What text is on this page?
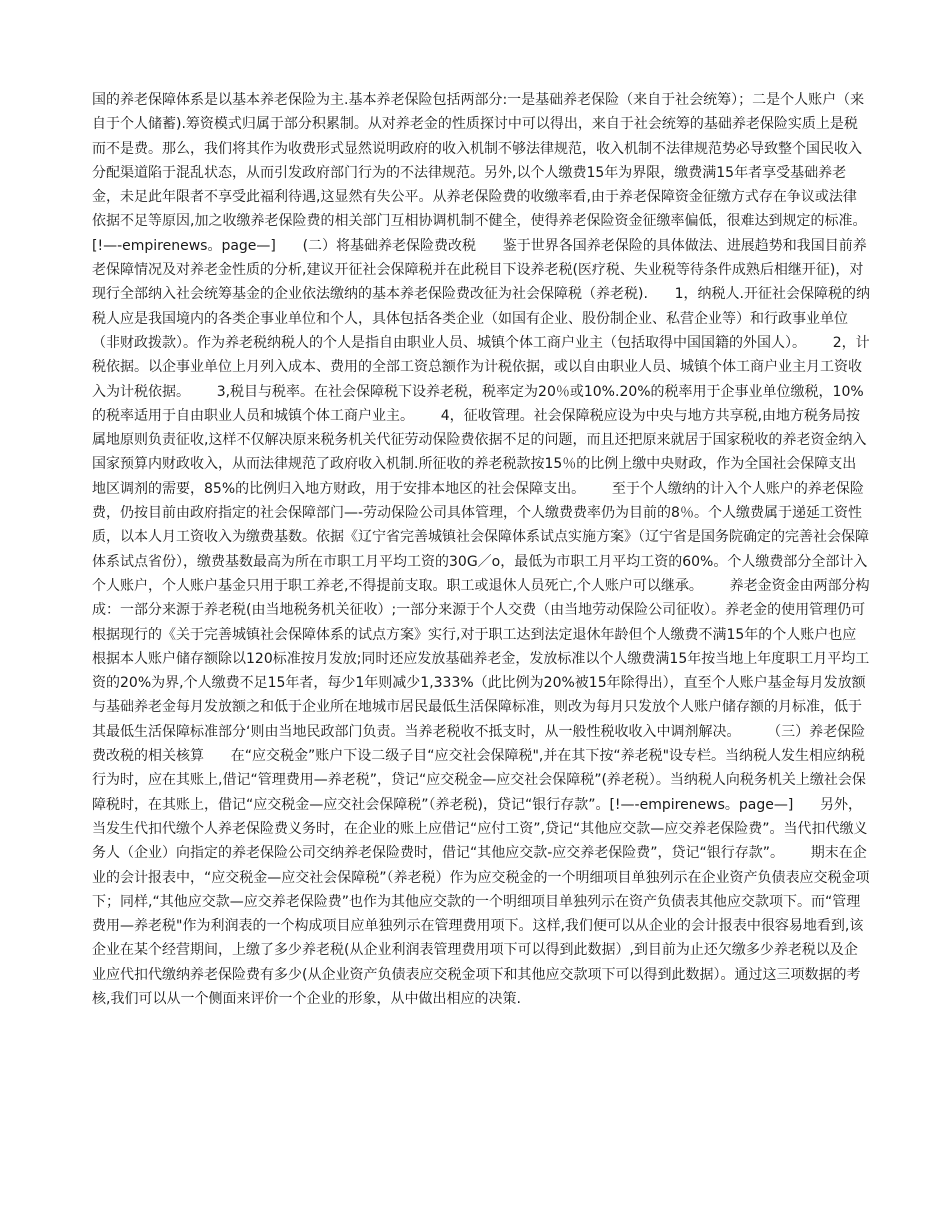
国的养老保障体系是以基本养老保险为主.基本养老保险包括两部分:一是基础养老保险（来自于社会统筹）；二是个人账户（来自于个人储蓄).筹资模式归属于部分积累制。从对养老金的性质探讨中可以得出，来自于社会统筹的基础养老保险实质上是税而不是费。那么，我们将其作为收费形式显然说明政府的收入机制不够法律规范，收入机制不法律规范势必导致整个国民收入分配渠道陷于混乱状态，从而引发政府部门行为的不法律规范。另外,以个人缴费15年为界限，缴费满15年者享受基础养老金，未足此年限者不享受此福利待遇,这显然有失公平。从养老保险费的收缴率看,由于养老保障资金征缴方式存在争议或法律依据不足等原因,加之收缴养老保险费的相关部门互相协调机制不健全，使得养老保险资金征缴率偏低，很难达到规定的标准。[!—-empirenews。page—]      (二）将基础养老保险费改税      鉴于世界各国养老保险的具体做法、进展趋势和我国目前养老保障情况及对养老金性质的分析,建议开征社会保障税并在此税目下设养老税(医疗税、失业税等待条件成熟后相继开征)，对现行全部纳入社会统筹基金的企业依法缴纳的基本养老保险费改征为社会保障税（养老税).      1，纳税人.开征社会保障税的纳税人应是我国境内的各类企事业单位和个人，具体包括各类企业（如国有企业、股份制企业、私营企业等）和行政事业单位（非财政拨款）。作为养老税纳税人的个人是指自由职业人员、城镇个体工商户业主（包括取得中国国籍的外国人）。      2，计税依据。以企事业单位上月列入成本、费用的全部工资总额作为计税依据，或以自由职业人员、城镇个体工商户业主月工资收入为计税依据。      3,税目与税率。在社会保障税下设养老税，税率定为20％或10%.20%的税率用于企事业单位缴税，10%的税率适用于自由职业人员和城镇个体工商户业主。      4，征收管理。社会保障税应设为中央与地方共享税,由地方税务局按属地原则负责征收,这样不仅解决原来税务机关代征劳动保险费依据不足的问题，而且还把原来就居于国家税收的养老资金纳入国家预算内财政收入，从而法律规范了政府收入机制.所征收的养老税款按15％的比例上缴中央财政，作为全国社会保障支出地区调剂的需要，85%的比例归入地方财政，用于安排本地区的社会保障支出。      至于个人缴纳的计入个人账户的养老保险费，仍按目前由政府指定的社会保障部门—-劳动保险公司具体管理，个人缴费费率仍为目前的8％。个人缴费属于递延工资性质，以本人月工资收入为缴费基数。依据《辽宁省完善城镇社会保障体系试点实施方案》（辽宁省是国务院确定的完善社会保障体系试点省份），缴费基数最高为所在市职工月平均工资的30G／o，最低为市职工月平均工资的60%。个人缴费部分全部计入个人账户，个人账户基金只用于职工养老,不得提前支取。职工或退休人员死亡,个人账户可以继承。      养老金资金由两部分构成：一部分来源于养老税(由当地税务机关征收）;一部分来源于个人交费（由当地劳动保险公司征收）。养老金的使用管理仍可根据现行的《关于完善城镇社会保障体系的试点方案》实行,对于职工达到法定退休年龄但个人缴费不满15年的个人账户也应根据本人账户储存额除以120标准按月发放;同时还应发放基础养老金，发放标准以个人缴费满15年按当地上年度职工月平均工资的20%为界,个人缴费不足15年者，每少1年则减少1,333%（此比例为20%被15年除得出），直至个人账户基金每月发放额与基础养老金每月发放额之和低于企业所在地城市居民最低生活保障标准，则改为每月只发放个人账户储存额的月标准，低于其最低生活保障标准部分‘则由当地民政部门负责。当养老税收不抵支时，从一般性税收收入中调剂解决。      （三）养老保险费改税的相关核算      在“应交税金”账户下设二级子目“应交社会保障税",并在其下按“养老税"设专栏。当纳税人发生相应纳税行为时，应在其账上,借记“管理费用—养老税”，贷记“应交税金—应交社会保障税”(养老税）。当纳税人向税务机关上缴社会保障税时，在其账上，借记“应交税金—应交社会保障税”（养老税)，贷记“银行存款”。[!—-empirenews。page—]      另外，当发生代扣代缴个人养老保险费义务时，在企业的账上应借记“应付工资”,贷记“其他应交款—应交养老保险费”。当代扣代缴义务人（企业）向指定的养老保险公司交纳养老保险费时，借记“其他应交款-应交养老保险费”，贷记“银行存款”。      期末在企业的会计报表中，“应交税金—应交社会保障税”（养老税）作为应交税金的一个明细项目单独列示在企业资产负债表应交税金项下；同样,“其他应交款—应交养老保险费”也作为其他应交款的一个明细项目单独列示在资产负债表其他应交款项下。而“管理费用—养老税"作为利润表的一个构成项目应单独列示在管理费用项下。这样,我们便可以从企业的会计报表中很容易地看到,该企业在某个经营期间，上缴了多少养老税(从企业利润表管理费用项下可以得到此数据）,到目前为止还欠缴多少养老税以及企业应代扣代缴纳养老保险费有多少(从企业资产负债表应交税金项下和其他应交款项下可以得到此数据）。通过这三项数据的考核,我们可以从一个侧面来评价一个企业的形象，从中做出相应的决策.
